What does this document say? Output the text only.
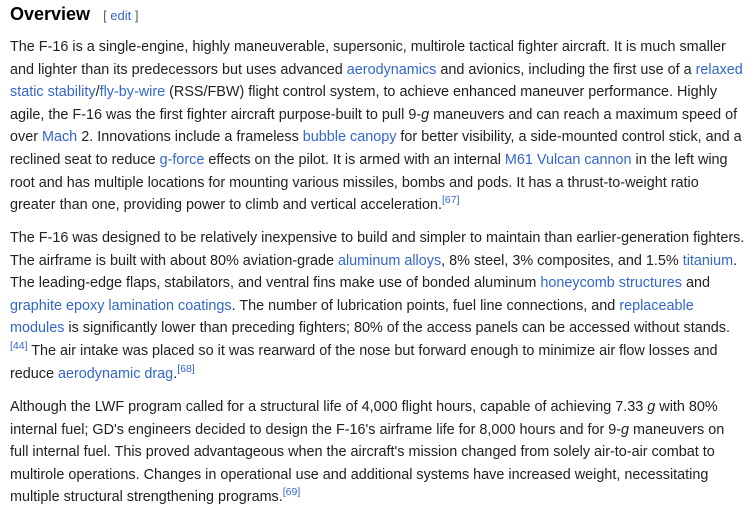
Overview [ edit ]

The F-16 is a single-engine, highly maneuverable, supersonic, multirole tactical fighter aircraft. It is much smaller and lighter than its predecessors but uses advanced aerodynamics and avionics, including the first use of a relaxed static stability/fly-by-wire (RSS/FBW) flight control system, to achieve enhanced maneuver performance. Highly agile, the F-16 was the first fighter aircraft purpose-built to pull 9-g maneuvers and can reach a maximum speed of over Mach 2. Innovations include a frameless bubble canopy for better visibility, a side-mounted control stick, and a reclined seat to reduce g-force effects on the pilot. It is armed with an internal M61 Vulcan cannon in the left wing root and has multiple locations for mounting various missiles, bombs and pods. It has a thrust-to-weight ratio greater than one, providing power to climb and vertical acceleration.[67]

The F-16 was designed to be relatively inexpensive to build and simpler to maintain than earlier-generation fighters. The airframe is built with about 80% aviation-grade aluminum alloys, 8% steel, 3% composites, and 1.5% titanium. The leading-edge flaps, stabilators, and ventral fins make use of bonded aluminum honeycomb structures and graphite epoxy lamination coatings. The number of lubrication points, fuel line connections, and replaceable modules is significantly lower than preceding fighters; 80% of the access panels can be accessed without stands.[44] The air intake was placed so it was rearward of the nose but forward enough to minimize air flow losses and reduce aerodynamic drag.[68]

Although the LWF program called for a structural life of 4,000 flight hours, capable of achieving 7.33 g with 80% internal fuel; GD's engineers decided to design the F-16's airframe life for 8,000 hours and for 9-g maneuvers on full internal fuel. This proved advantageous when the aircraft's mission changed from solely air-to-air combat to multirole operations. Changes in operational use and additional systems have increased weight, necessitating multiple structural strengthening programs.[69]
